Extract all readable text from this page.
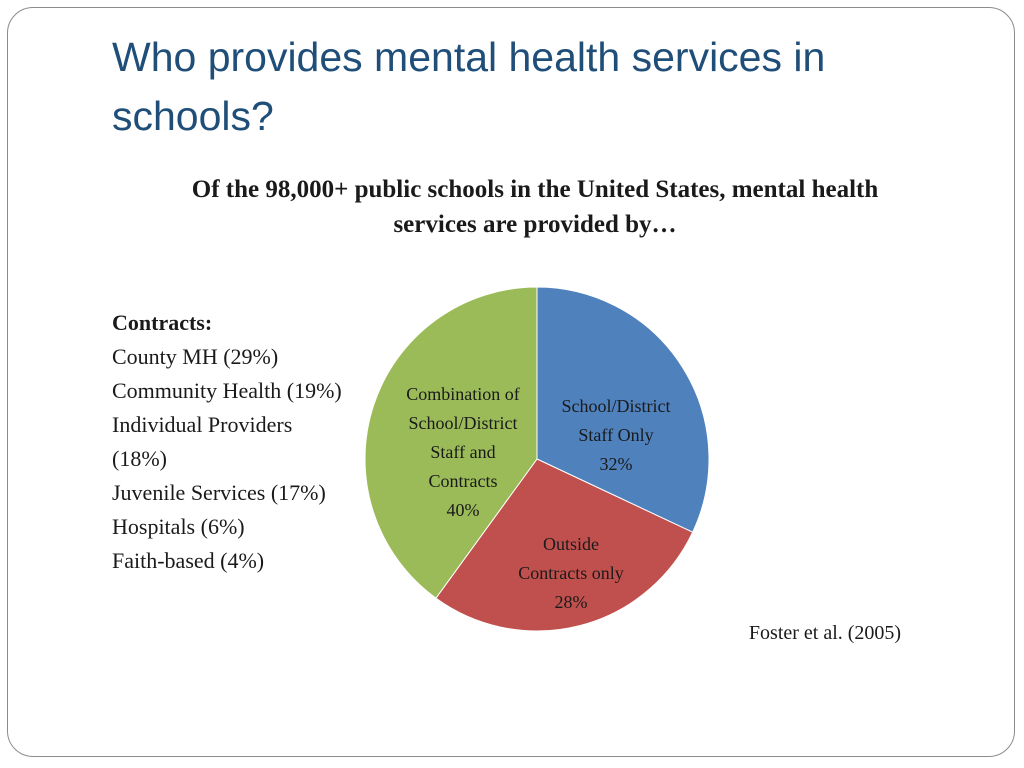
Who provides mental health services in schools?
Of the 98,000+ public schools in the United States, mental health services are provided by…
Contracts:
County MH (29%)
Community Health (19%)
Individual Providers (18%)
Juvenile Services (17%)
Hospitals (6%)
Faith-based (4%)
School/District Staff Only 32%
Outside Contracts only 28%
Combination of School/District Staff and Contracts 40%
Foster et al. (2005)
